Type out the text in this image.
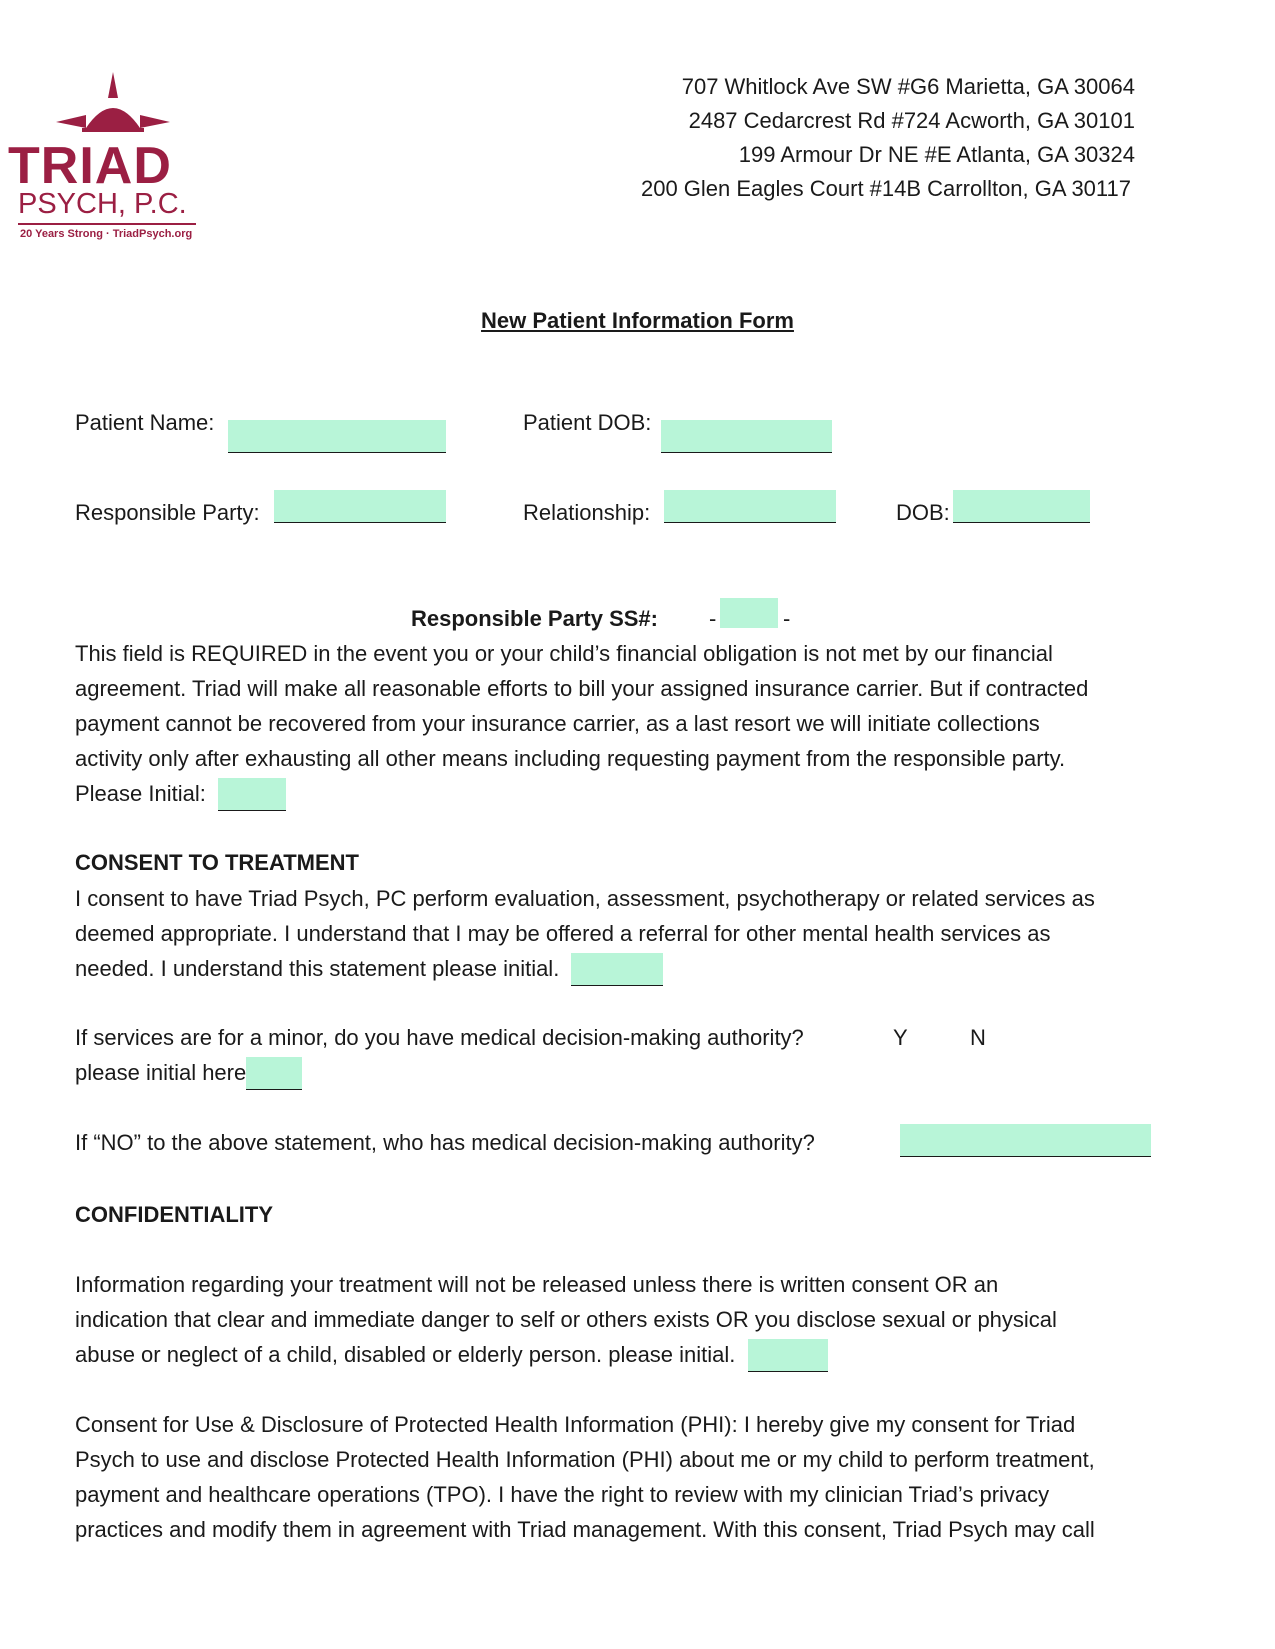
TRIAD
PSYCH, P.C.
20 Years Strong · TriadPsych.org
707 Whitlock Ave SW #G6 Marietta, GA 30064
2487 Cedarcrest Rd #724 Acworth, GA 30101
199 Armour Dr NE #E Atlanta, GA 30324
200 Glen Eagles Court #14B Carrollton, GA 30117
New Patient Information Form
Patient Name:	Patient DOB:
Responsible Party:	Relationship:	DOB:
Responsible Party SS#: -	-
This field is REQUIRED in the event you or your child’s financial obligation is not met by our financial
agreement. Triad will make all reasonable efforts to bill your assigned insurance carrier. But if contracted
payment cannot be recovered from your insurance carrier, as a last resort we will initiate collections
activity only after exhausting all other means including requesting payment from the responsible party.
Please Initial:
CONSENT TO TREATMENT
I consent to have Triad Psych, PC perform evaluation, assessment, psychotherapy or related services as
deemed appropriate. I understand that I may be offered a referral for other mental health services as
needed. I understand this statement please initial.
If services are for a minor, do you have medical decision-making authority?	Y	N
please initial here
If “NO” to the above statement, who has medical decision-making authority?
CONFIDENTIALITY
Information regarding your treatment will not be released unless there is written consent OR an
indication that clear and immediate danger to self or others exists OR you disclose sexual or physical
abuse or neglect of a child, disabled or elderly person. please initial.
Consent for Use & Disclosure of Protected Health Information (PHI): I hereby give my consent for Triad
Psych to use and disclose Protected Health Information (PHI) about me or my child to perform treatment,
payment and healthcare operations (TPO). I have the right to review with my clinician Triad’s privacy
practices and modify them in agreement with Triad management. With this consent, Triad Psych may call
